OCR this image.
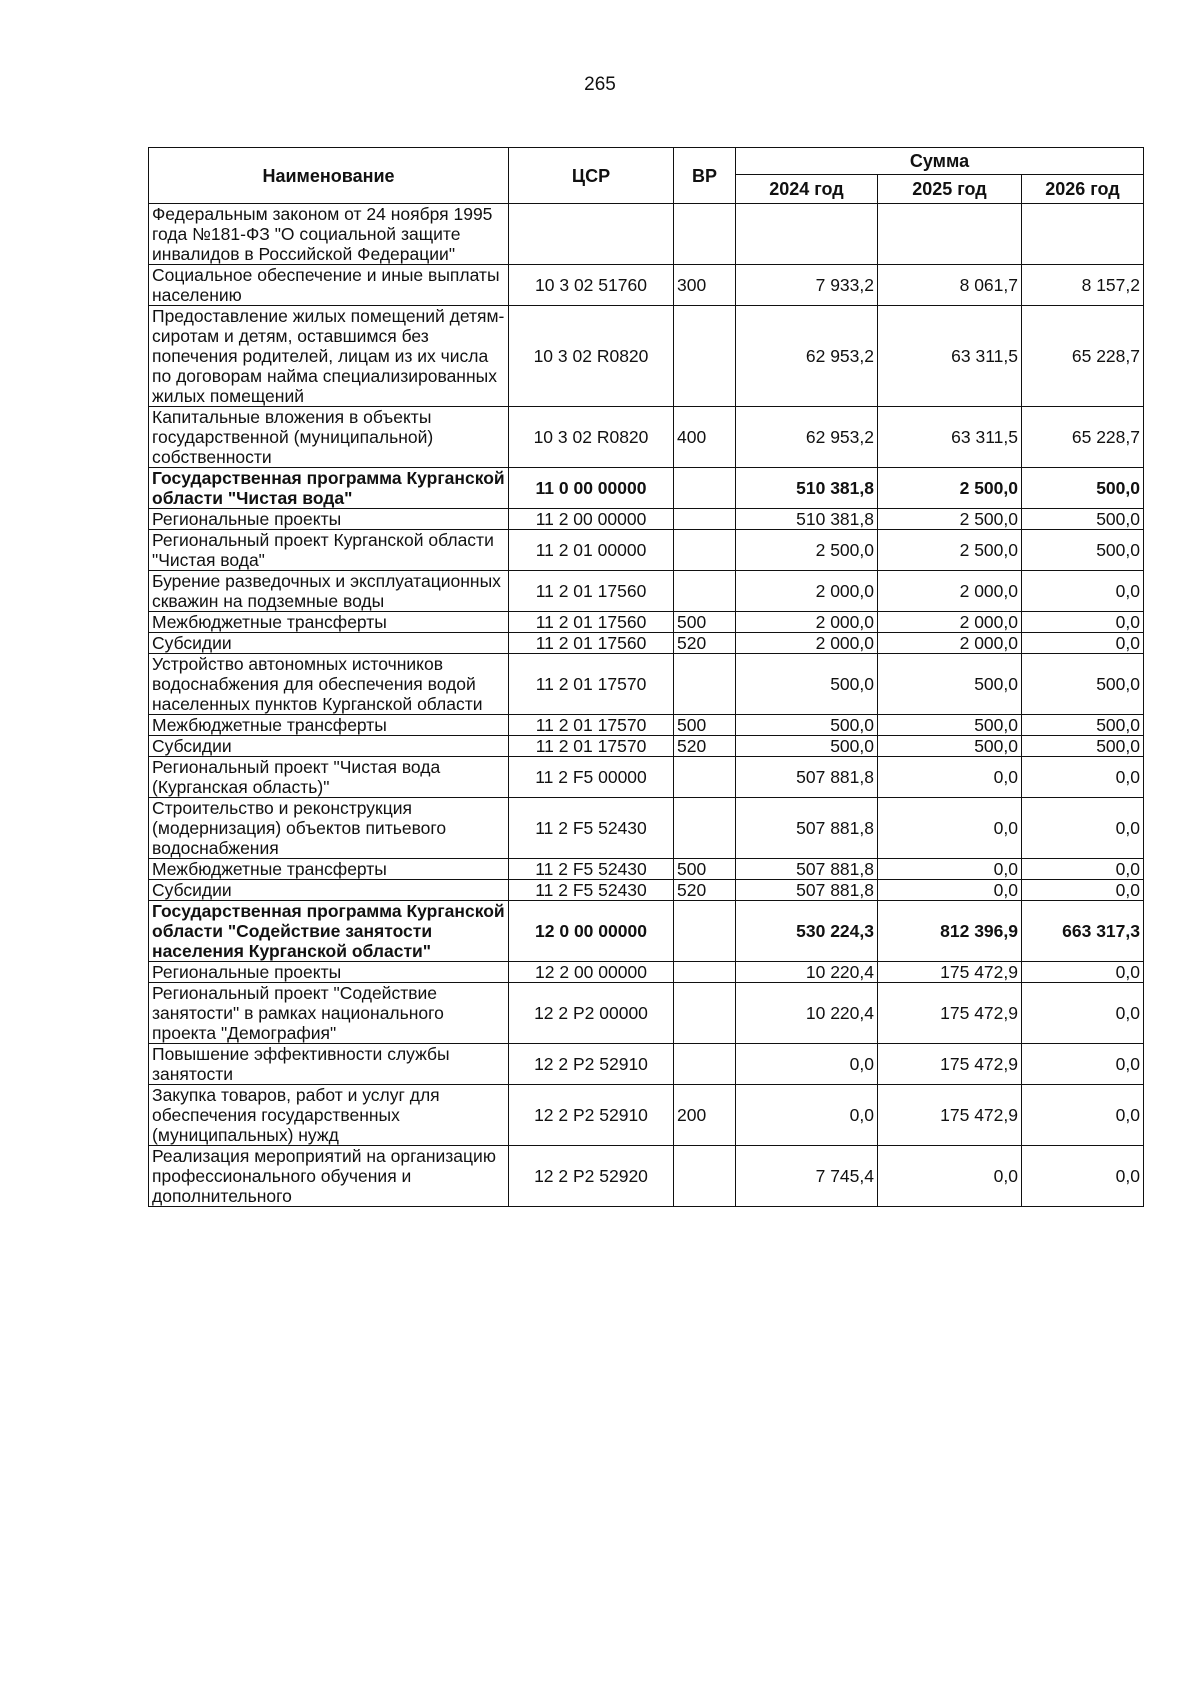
265
Наименование	ЦСР	ВР	Сумма		
			2024 год	2025 год	2026 год
Федеральным законом от 24 ноября 1995 года №181-ФЗ "О социальной защите инвалидов в Российской Федерации"					
Социальное обеспечение и иные выплаты населению	10 3 02 51760	300	7 933,2	8 061,7	8 157,2
Предоставление жилых помещений детям-сиротам и детям, оставшимся без попечения родителей, лицам из их числа по договорам найма специализированных жилых помещений	10 3 02 R0820		62 953,2	63 311,5	65 228,7
Капитальные вложения в объекты государственной (муниципальной) собственности	10 3 02 R0820	400	62 953,2	63 311,5	65 228,7
Государственная программа Курганской области "Чистая вода"	11 0 00 00000		510 381,8	2 500,0	500,0
Региональные проекты	11 2 00 00000		510 381,8	2 500,0	500,0
Региональный проект Курганской области "Чистая вода"	11 2 01 00000		2 500,0	2 500,0	500,0
Бурение разведочных и эксплуатационных скважин на подземные воды	11 2 01 17560		2 000,0	2 000,0	0,0
Межбюджетные трансферты	11 2 01 17560	500	2 000,0	2 000,0	0,0
Субсидии	11 2 01 17560	520	2 000,0	2 000,0	0,0
Устройство автономных источников водоснабжения для обеспечения водой населенных пунктов Курганской области	11 2 01 17570		500,0	500,0	500,0
Межбюджетные трансферты	11 2 01 17570	500	500,0	500,0	500,0
Субсидии	11 2 01 17570	520	500,0	500,0	500,0
Региональный проект "Чистая вода (Курганская область)"	11 2 F5 00000		507 881,8	0,0	0,0
Строительство и реконструкция (модернизация) объектов питьевого водоснабжения	11 2 F5 52430		507 881,8	0,0	0,0
Межбюджетные трансферты	11 2 F5 52430	500	507 881,8	0,0	0,0
Субсидии	11 2 F5 52430	520	507 881,8	0,0	0,0
Государственная программа Курганской области "Содействие занятости населения Курганской области"	12 0 00 00000		530 224,3	812 396,9	663 317,3
Региональные проекты	12 2 00 00000		10 220,4	175 472,9	0,0
Региональный проект "Содействие занятости" в рамках национального проекта "Демография"	12 2 P2 00000		10 220,4	175 472,9	0,0
Повышение эффективности службы занятости	12 2 P2 52910		0,0	175 472,9	0,0
Закупка товаров, работ и услуг для обеспечения государственных (муниципальных) нужд	12 2 P2 52910	200	0,0	175 472,9	0,0
Реализация мероприятий на организацию профессионального обучения и дополнительного	12 2 P2 52920		7 745,4	0,0	0,0
